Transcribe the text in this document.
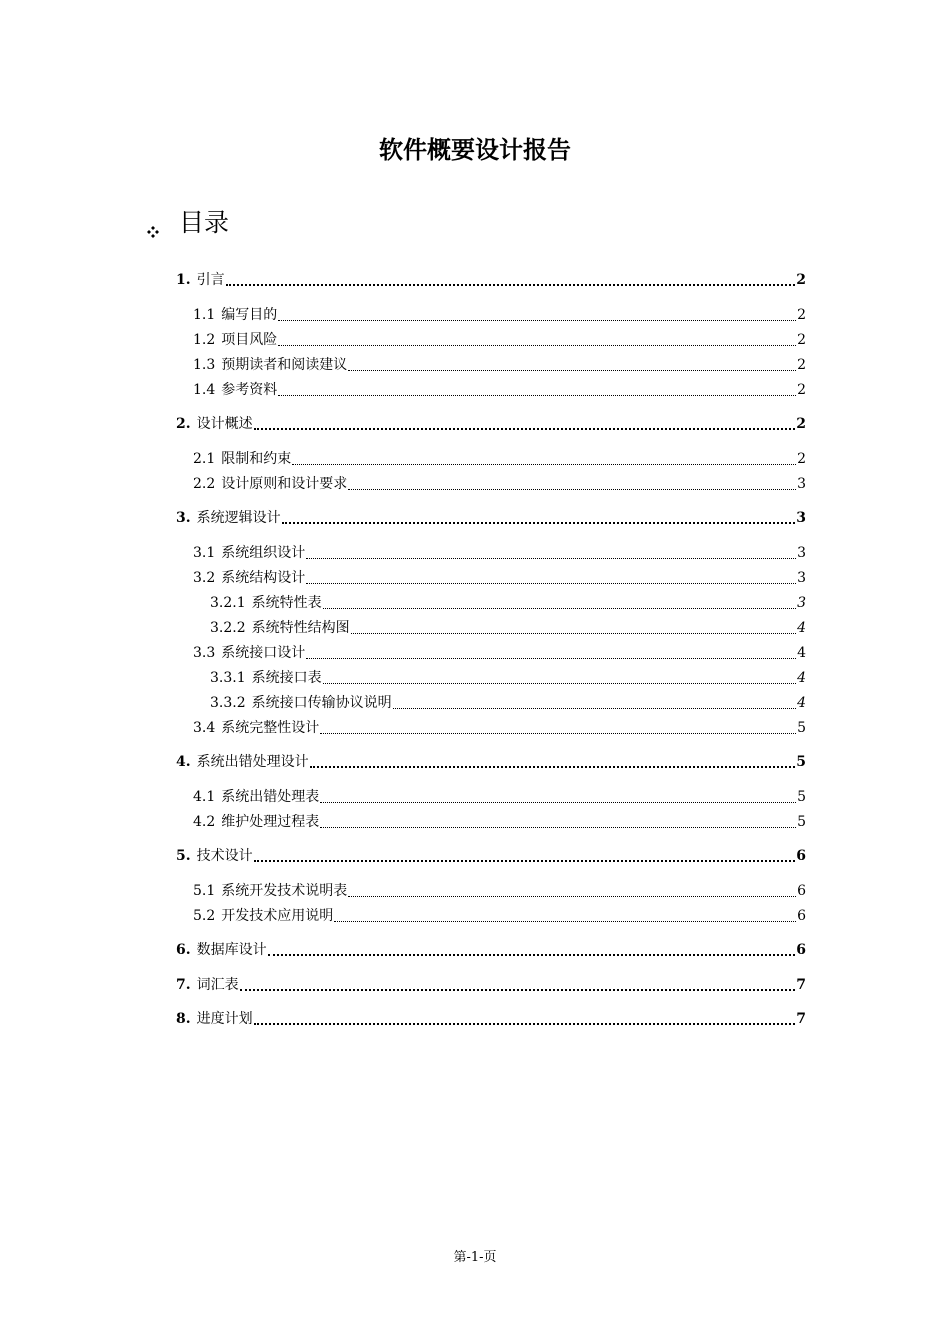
软件概要设计报告
目录
1. 引言	2
1.1 编写目的	2
1.2 项目风险	2
1.3 预期读者和阅读建议	2
1.4 参考资料	2
2. 设计概述	2
2.1 限制和约束	2
2.2 设计原则和设计要求	3
3. 系统逻辑设计	3
3.1 系统组织设计	3
3.2 系统结构设计	3
3.2.1 系统特性表	3
3.2.2 系统特性结构图	4
3.3 系统接口设计	4
3.3.1 系统接口表	4
3.3.2 系统接口传输协议说明	4
3.4 系统完整性设计	5
4. 系统出错处理设计	5
4.1 系统出错处理表	5
4.2 维护处理过程表	5
5. 技术设计	6
5.1 系统开发技术说明表	6
5.2 开发技术应用说明	6
6. 数据库设计	6
7. 词汇表	7
8. 进度计划	7
第-1-页
